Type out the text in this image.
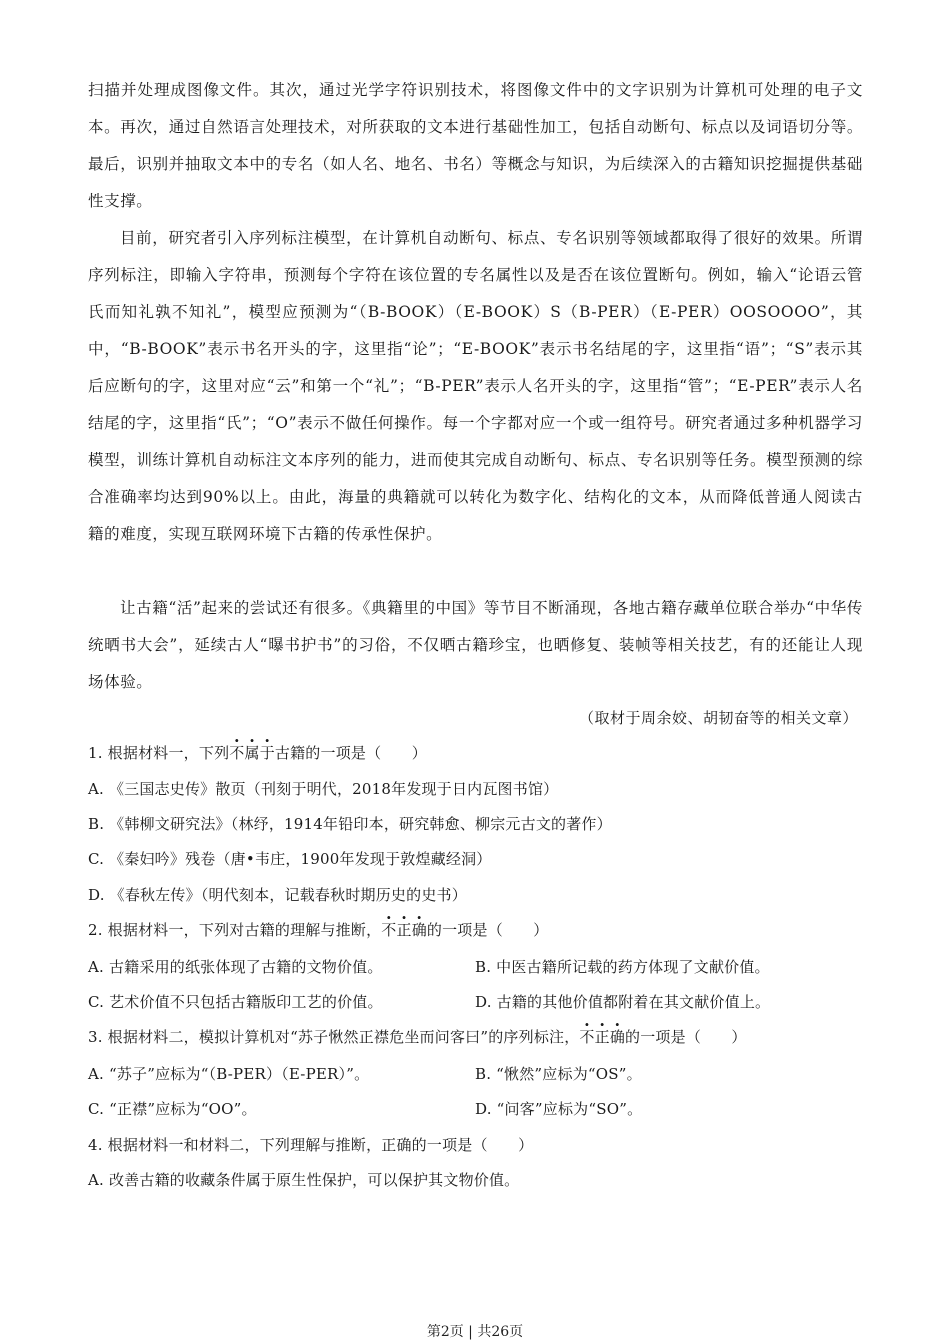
扫描并处理成图像文件。其次，通过光学字符识别技术，将图像文件中的文字识别为计算机可处理的电子文本。再次，通过自然语言处理技术，对所获取的文本进行基础性加工，包括自动断句、标点以及词语切分等。最后，识别并抽取文本中的专名（如人名、地名、书名）等概念与知识，为后续深入的古籍知识挖掘提供基础性支撑。

目前，研究者引入序列标注模型，在计算机自动断句、标点、专名识别等领域都取得了很好的效果。所谓序列标注，即输入字符串，预测每个字符在该位置的专名属性以及是否在该位置断句。例如，输入“论语云管氏而知礼孰不知礼”，模型应预测为“（B-BOOK）（E-BOOK）S（B-PER）（E-PER）OOSOOOO”，其中，“B-BOOK”表示书名开头的字，这里指“论”；“E-BOOK”表示书名结尾的字，这里指“语”；“S”表示其后应断句的字，这里对应“云”和第一个“礼”；“B-PER”表示人名开头的字，这里指“管”；“E-PER”表示人名结尾的字，这里指“氏”；“O”表示不做任何操作。每一个字都对应一个或一组符号。研究者通过多种机器学习模型，训练计算机自动标注文本序列的能力，进而使其完成自动断句、标点、专名识别等任务。模型预测的综合准确率均达到90%以上。由此，海量的典籍就可以转化为数字化、结构化的文本，从而降低普通人阅读古籍的难度，实现互联网环境下古籍的传承性保护。

让古籍“活”起来的尝试还有很多。《典籍里的中国》等节目不断涌现，各地古籍存藏单位联合举办“中华传统晒书大会”，延续古人“曝书护书”的习俗，不仅晒古籍珍宝，也晒修复、装帧等相关技艺，有的还能让人现场体验。

（取材于周余姣、胡韧奋等的相关文章）
1. 根据材料一，下列不属于古籍的一项是（　　）
A. 《三国志史传》散页（刊刻于明代，2018年发现于日内瓦图书馆）
B. 《韩柳文研究法》（林纾，1914年铅印本，研究韩愈、柳宗元古文的著作）
C. 《秦妇吟》残卷（唐•韦庄，1900年发现于敦煌藏经洞）
D. 《春秋左传》（明代刻本，记载春秋时期历史的史书）
2. 根据材料一，下列对古籍的理解与推断，不正确的一项是（　　）
A. 古籍采用的纸张体现了古籍的文物价值。	B. 中医古籍所记载的药方体现了文献价值。
C. 艺术价值不只包括古籍版印工艺的价值。	D. 古籍的其他价值都附着在其文献价值上。
3. 根据材料二，模拟计算机对“苏子愀然正襟危坐而问客曰”的序列标注，不正确的一项是（　　）
A. “苏子”应标为“（B-PER）（E-PER）”。	B. “愀然”应标为“OS”。
C. “正襟”应标为“OO”。	D. “问客”应标为“SO”。
4. 根据材料一和材料二，下列理解与推断，正确的一项是（　　）
A. 改善古籍的收藏条件属于原生性保护，可以保护其文物价值。
第2页 | 共26页
